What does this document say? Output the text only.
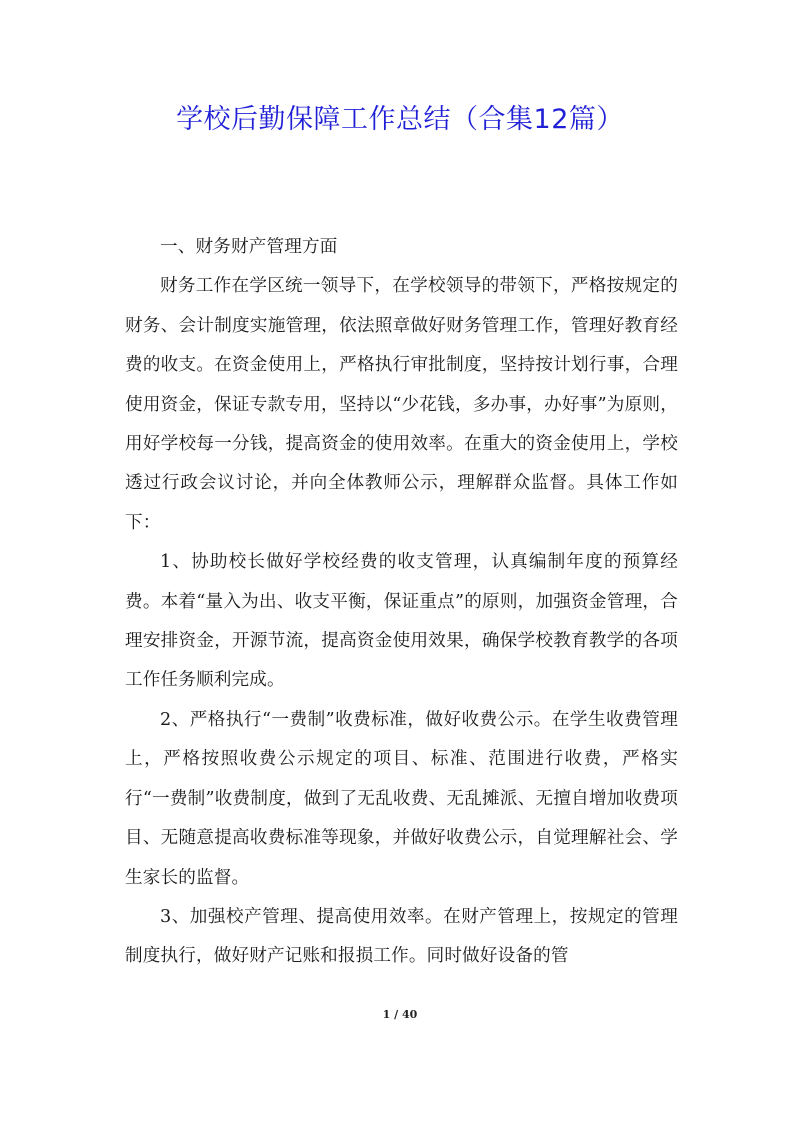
学校后勤保障工作总结（合集12篇）

一、财务财产管理方面

财务工作在学区统一领导下，在学校领导的带领下，严格按规定的财务、会计制度实施管理，依法照章做好财务管理工作，管理好教育经费的收支。在资金使用上，严格执行审批制度，坚持按计划行事，合理使用资金，保证专款专用，坚持以“少花钱，多办事，办好事”为原则，用好学校每一分钱，提高资金的使用效率。在重大的资金使用上，学校透过行政会议讨论，并向全体教师公示，理解群众监督。具体工作如下：

1、协助校长做好学校经费的收支管理，认真编制年度的预算经费。本着“量入为出、收支平衡，保证重点”的原则，加强资金管理，合理安排资金，开源节流，提高资金使用效果，确保学校教育教学的各项工作任务顺利完成。

2、严格执行“一费制”收费标准，做好收费公示。在学生收费管理上，严格按照收费公示规定的项目、标准、范围进行收费，严格实行“一费制”收费制度，做到了无乱收费、无乱摊派、无擅自增加收费项目、无随意提高收费标准等现象，并做好收费公示，自觉理解社会、学生家长的监督。

3、加强校产管理、提高使用效率。在财产管理上，按规定的管理制度执行，做好财产记账和报损工作。同时做好设备的管

1 / 40
